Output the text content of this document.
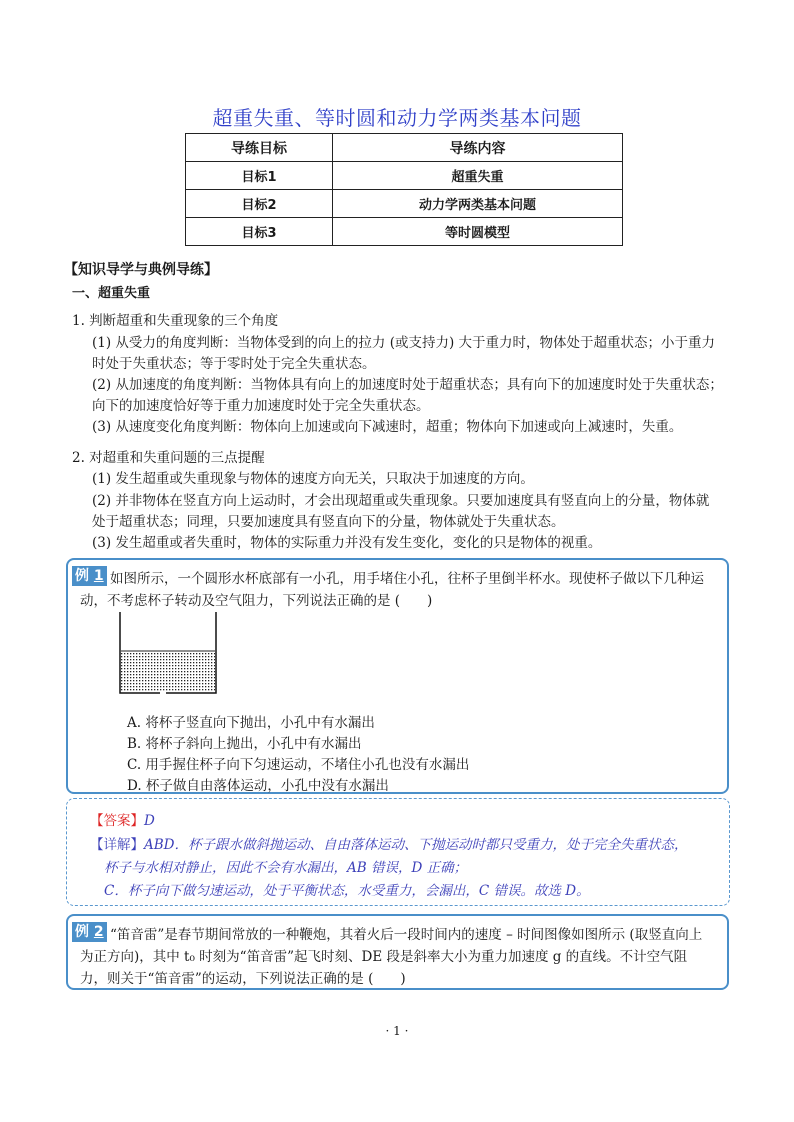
超重失重、等时圆和动力学两类基本问题
导练目标	导练内容
目标1	超重失重
目标2	动力学两类基本问题
目标3	等时圆模型
【知识导学与典例导练】
一、超重失重
1. 判断超重和失重现象的三个角度
(1) 从受力的角度判断：当物体受到的向上的拉力 (或支持力) 大于重力时，物体处于超重状态；小于重力
时处于失重状态；等于零时处于完全失重状态。
(2) 从加速度的角度判断：当物体具有向上的加速度时处于超重状态；具有向下的加速度时处于失重状态；
向下的加速度恰好等于重力加速度时处于完全失重状态。
(3) 从速度变化角度判断：物体向上加速或向下减速时，超重；物体向下加速或向上减速时，失重。
2. 对超重和失重问题的三点提醒
(1) 发生超重或失重现象与物体的速度方向无关，只取决于加速度的方向。
(2) 并非物体在竖直方向上运动时，才会出现超重或失重现象。只要加速度具有竖直向上的分量，物体就
处于超重状态；同理，只要加速度具有竖直向下的分量，物体就处于失重状态。
(3) 发生超重或者失重时，物体的实际重力并没有发生变化，变化的只是物体的视重。
例 1 如图所示，一个圆形水杯底部有一小孔，用手堵住小孔，往杯子里倒半杯水。现使杯子做以下几种运
动，不考虑杯子转动及空气阻力，下列说法正确的是 (　　)
A. 将杯子竖直向下抛出，小孔中有水漏出
B. 将杯子斜向上抛出，小孔中有水漏出
C. 用手握住杯子向下匀速运动，不堵住小孔也没有水漏出
D. 杯子做自由落体运动，小孔中没有水漏出
【答案】D
【详解】ABD．杯子跟水做斜抛运动、自由落体运动、下抛运动时都只受重力，处于完全失重状态，
杯子与水相对静止，因此不会有水漏出，AB 错误，D 正确；
C．杯子向下做匀速运动，处于平衡状态，水受重力，会漏出，C 错误。故选 D。
例 2 “笛音雷”是春节期间常放的一种鞭炮，其着火后一段时间内的速度 – 时间图像如图所示 (取竖直向上
为正方向)，其中 t₀ 时刻为“笛音雷”起飞时刻、DE 段是斜率大小为重力加速度 g 的直线。不计空气阻
力，则关于“笛音雷”的运动，下列说法正确的是 (　　)
· 1 ·
